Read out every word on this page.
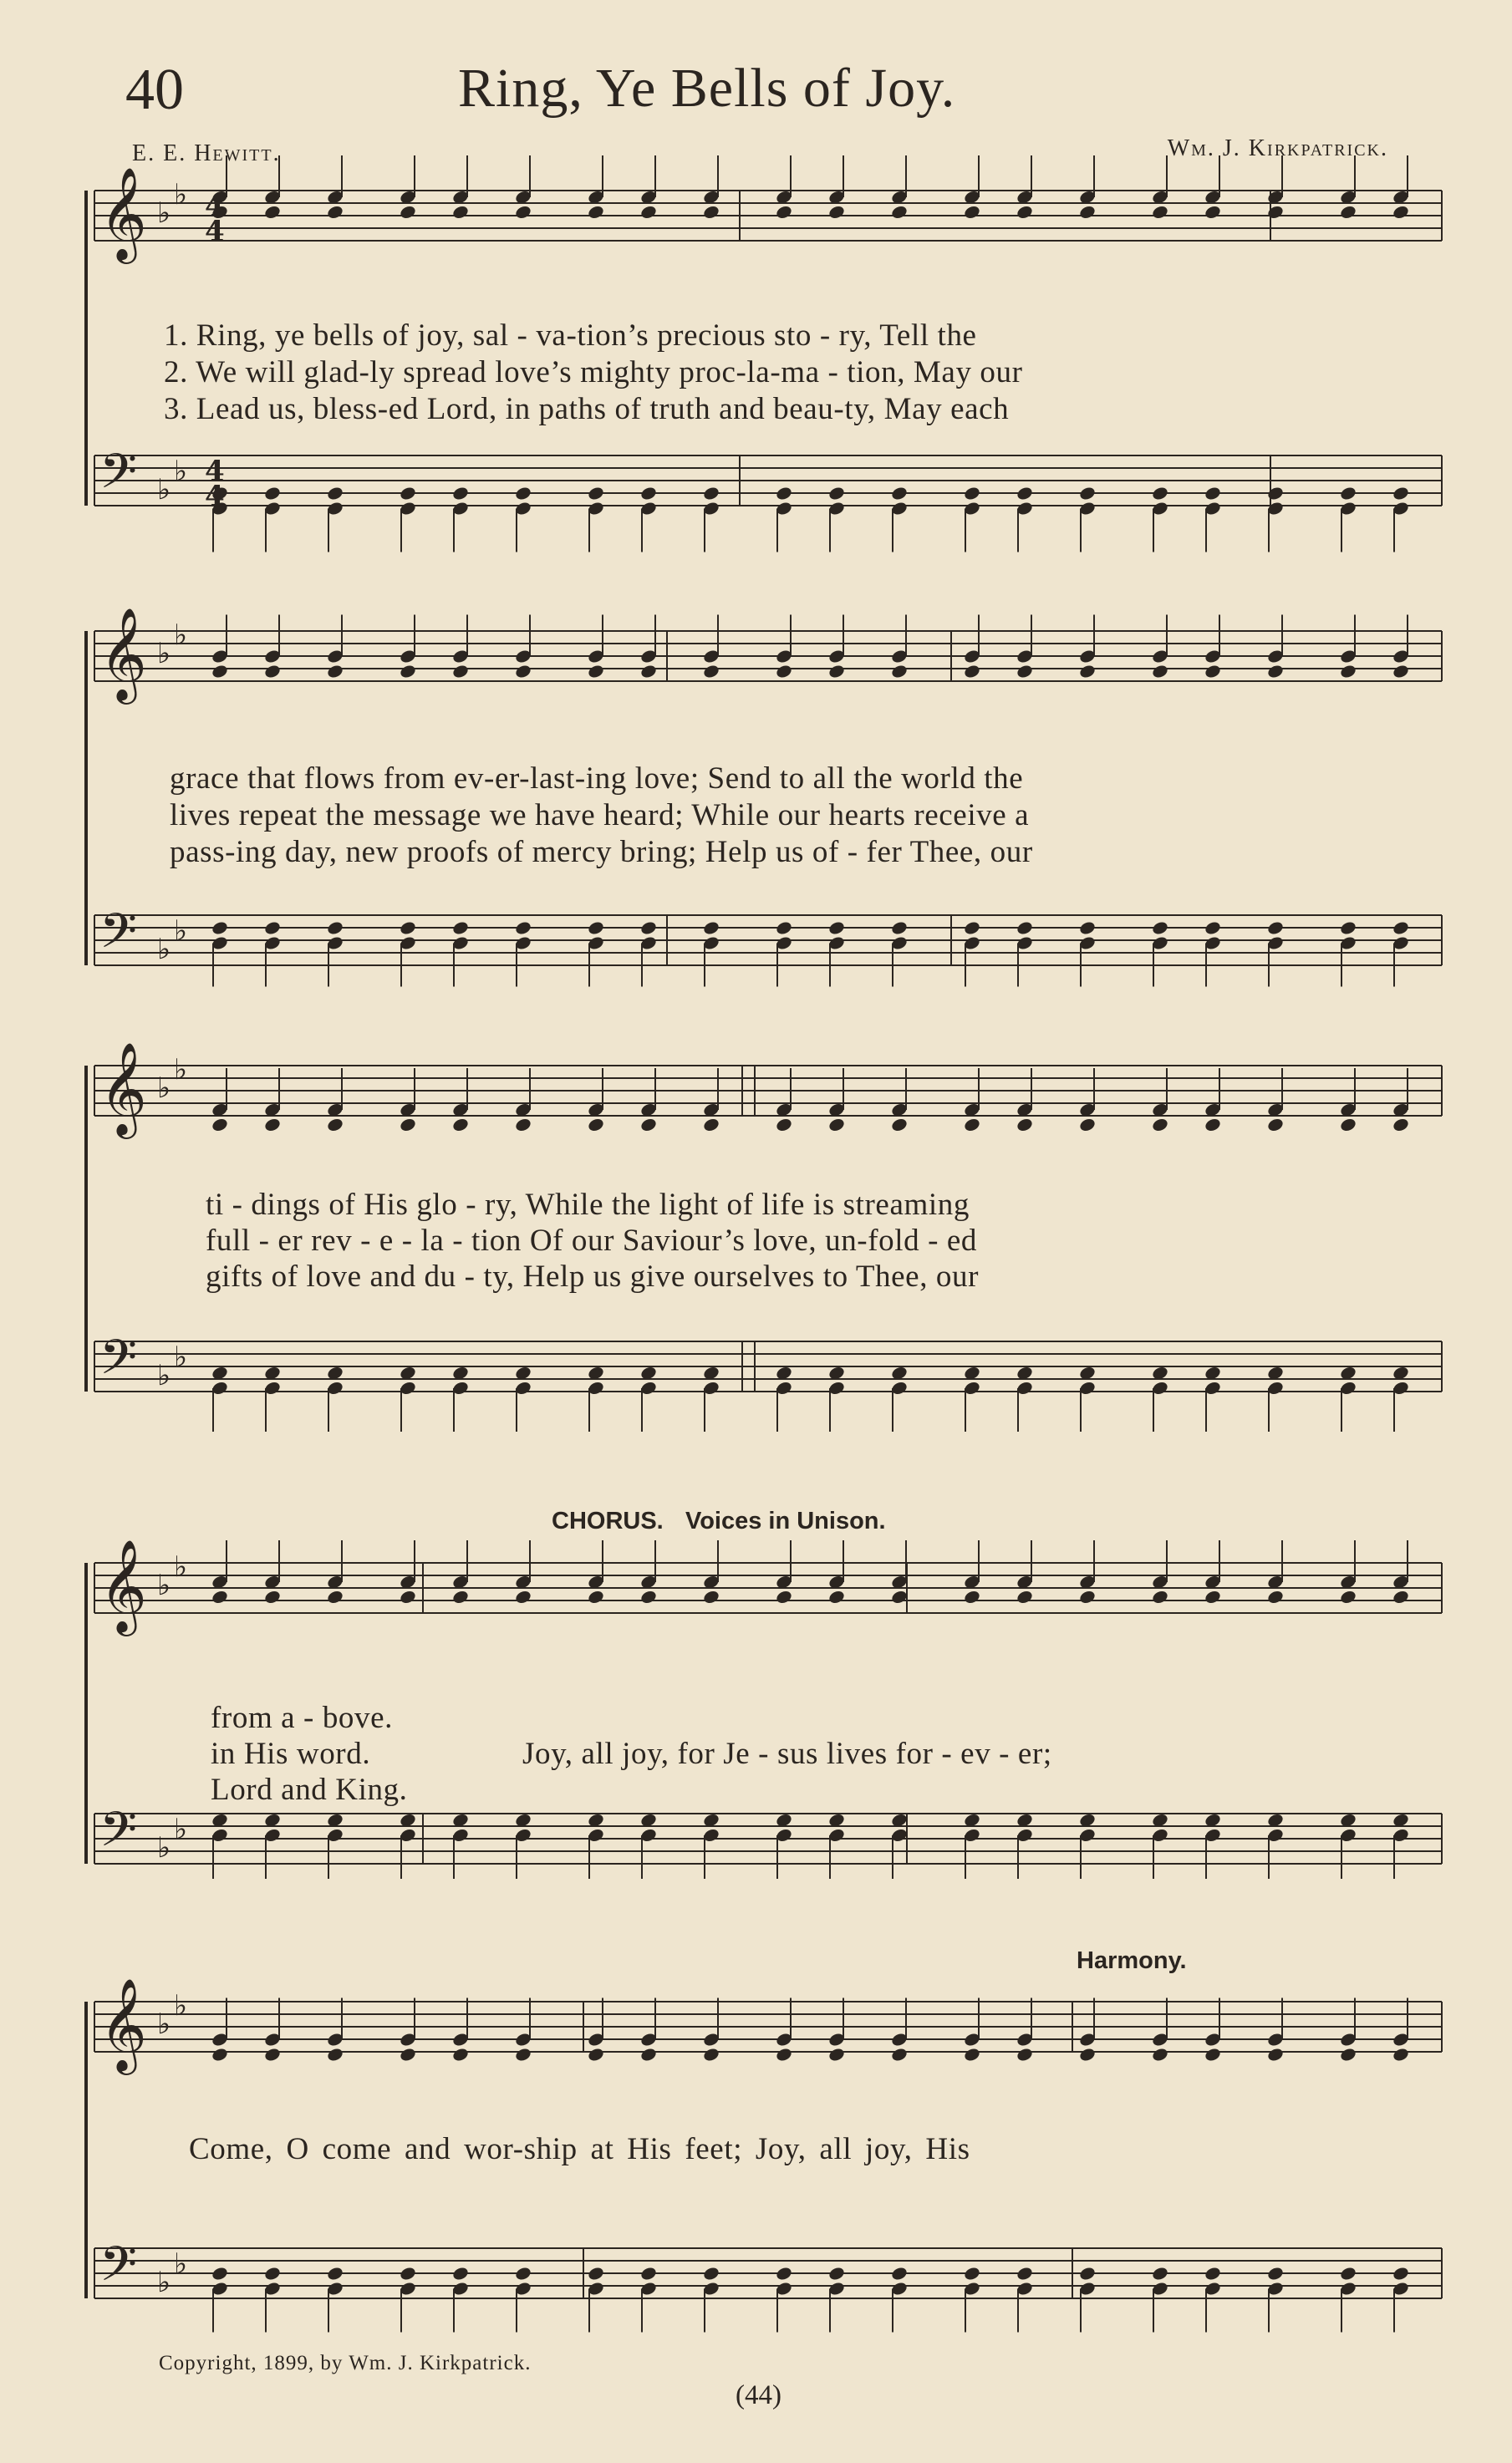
40	Ring, Ye Bells of Joy.
E. E. Hewitt.	Wm. J. Kirkpatrick.
𝄞 ♭
♭
𝄢 ♭
♭
𝄞 ♭
♭
𝄢 ♭
♭
𝄞 ♭
♭
𝄢 ♭
♭
𝄞 ♭
♭
𝄢 ♭
♭
𝄞 ♭
♭
𝄢 ♭
♭
4
4
4
4
1. Ring, ye bells of joy, sal - va-tion’s precious sto - ry, Tell the
2. We will glad-ly spread love’s mighty proc-la-ma - tion, May our
3. Lead us, bless-ed Lord, in paths of truth and beau-ty, May each
grace that flows from ev-er-last-ing love; Send to all the world the
lives repeat the message we have heard; While our hearts receive a
pass-ing day, new proofs of mercy bring; Help us of - fer Thee, our
ti - dings of His glo - ry, While the light of life is streaming
full - er rev - e - la - tion Of our Saviour’s love, un-fold - ed
gifts of love and du - ty, Help us give ourselves to Thee, our
CHORUS. Voices in Unison.
from a - bove.
in His word.
Lord and King.
Joy, all joy, for Je - sus lives for - ev - er;
Harmony.
Come, O come and wor-ship at His feet; Joy, all joy, His
Copyright, 1899, by Wm. J. Kirkpatrick.
(44)
